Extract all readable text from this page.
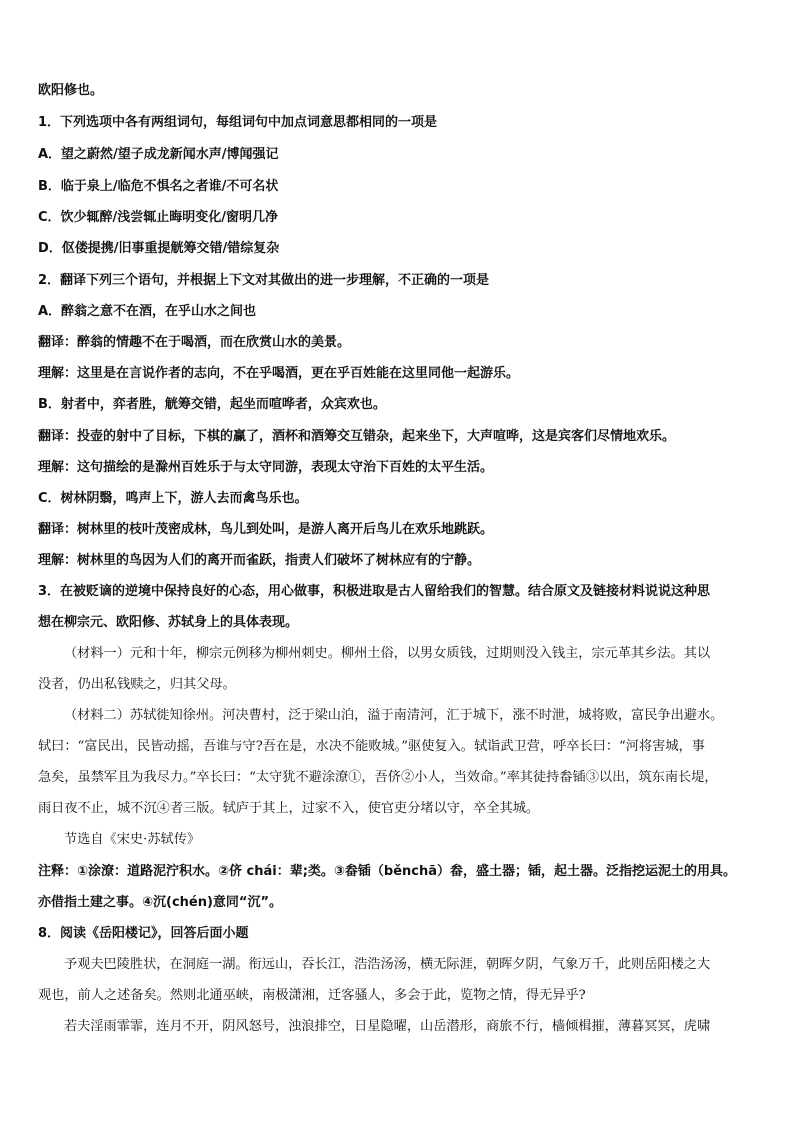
欧阳修也。
1．下列选项中各有两组词句，每组词句中加点词意思都相同的一项是
A．望之蔚然/望子成龙新闻水声/博闻强记
B．临于泉上/临危不惧名之者谁/不可名状
C．饮少辄醉/浅尝辄止晦明变化/窗明几净
D．伛偻提携/旧事重提觥筹交错/错综复杂
2．翻译下列三个语句，并根据上下文对其做出的进一步理解，不正确的一项是
A．醉翁之意不在酒，在乎山水之间也
翻译：醉翁的情趣不在于喝酒，而在欣赏山水的美景。
理解：这里是在言说作者的志向，不在乎喝酒，更在乎百姓能在这里同他一起游乐。
B．射者中，弈者胜，觥筹交错，起坐而喧哗者，众宾欢也。
翻译：投壶的射中了目标，下棋的赢了，酒杯和酒筹交互错杂，起来坐下，大声喧哗，这是宾客们尽情地欢乐。
理解：这句描绘的是滁州百姓乐于与太守同游，表现太守治下百姓的太平生活。
C．树林阴翳，鸣声上下，游人去而禽鸟乐也。
翻译：树林里的枝叶茂密成林，鸟儿到处叫，是游人离开后鸟儿在欢乐地跳跃。
理解：树林里的鸟因为人们的离开而雀跃，指责人们破坏了树林应有的宁静。
3．在被贬谪的逆境中保持良好的心态，用心做事，积极进取是古人留给我们的智慧。结合原文及链接材料说说这种思
想在柳宗元、欧阳修、苏轼身上的具体表现。
（材料一）元和十年，柳宗元例移为柳州刺史。柳州土俗，以男女质钱，过期则没入钱主，宗元革其乡法。其以
没者，仍出私钱赎之，归其父母。
（材料二）苏轼徙知徐州。河决曹村，泛于梁山泊，溢于南清河，汇于城下，涨不时泄，城将败，富民争出避水。
轼曰：“富民出，民皆动摇，吾谁与守?吾在是，水决不能败城。”驱使复入。轼诣武卫营，呼卒长曰：“河将害城，事
急矣，虽禁军且为我尽力。”卒长曰：“太守犹不避涂潦①，吾侪②小人，当效命。”率其徒持畚锸③以出，筑东南长堤，
雨日夜不止，城不沉④者三版。轼庐于其上，过家不入，使官吏分堵以守，卒全其城。
节选自《宋史·苏轼传》
注释：①涂潦：道路泥泞积水。②侪 chái：辈;类。③畚锸（běnchā）畚，盛土器；锸，起土器。泛指挖运泥土的用具。
亦借指土建之事。④沉(chén)意同“沉”。
8．阅读《岳阳楼记》，回答后面小题
予观夫巴陵胜状，在洞庭一湖。衔远山，吞长江，浩浩汤汤，横无际涯，朝晖夕阴，气象万千，此则岳阳楼之大
观也，前人之述备矣。然则北通巫峡，南极潇湘，迁客骚人，多会于此，览物之情，得无异乎?
若夫淫雨霏霏，连月不开，阴风怒号，浊浪排空，日星隐曜，山岳潜形，商旅不行，樯倾楫摧，薄暮冥冥，虎啸
